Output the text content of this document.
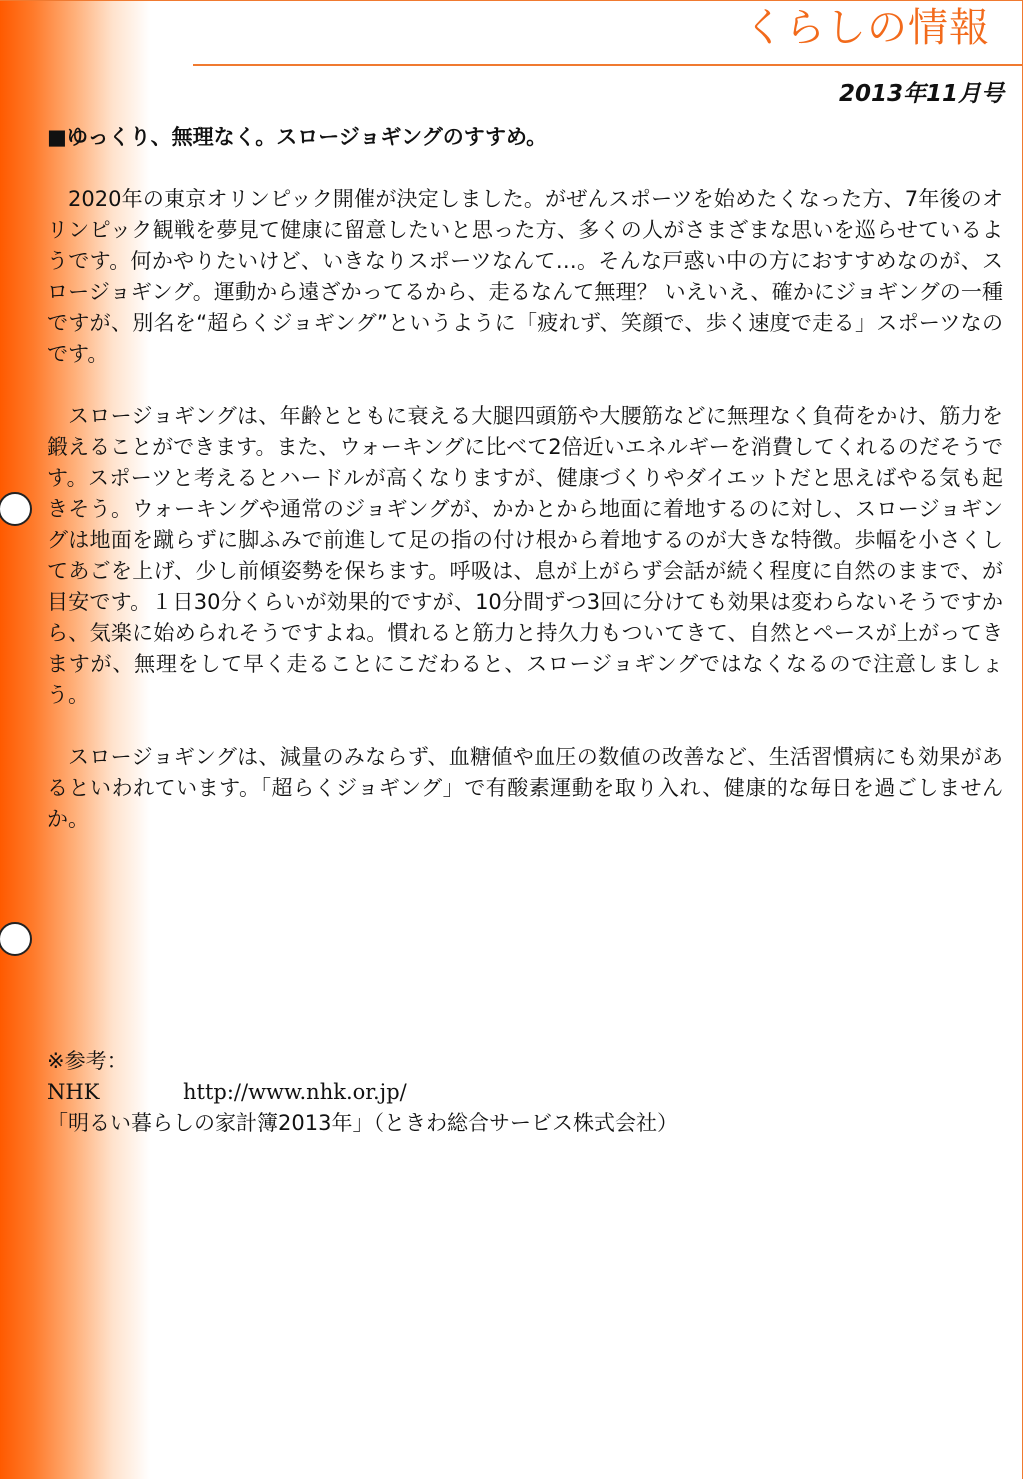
くらしの情報
2013年11月号
■ゆっくり、無理なく。スロージョギングのすすめ。

2020年の東京オリンピック開催が決定しました。がぜんスポーツを始めたくなった方、7年後のオリンピック観戦を夢見て健康に留意したいと思った方、多くの人がさまざまな思いを巡らせているようです。何かやりたいけど、いきなりスポーツなんて…。そんな戸惑い中の方におすすめなのが、スロージョギング。運動から遠ざかってるから、走るなんて無理？ いえいえ、確かにジョギングの一種ですが、別名を“超らくジョギング”というように「疲れず、笑顔で、歩く速度で走る」スポーツなのです。

スロージョギングは、年齢とともに衰える大腿四頭筋や大腰筋などに無理なく負荷をかけ、筋力を鍛えることができます。また、ウォーキングに比べて2倍近いエネルギーを消費してくれるのだそうです。スポーツと考えるとハードルが高くなりますが、健康づくりやダイエットだと思えばやる気も起きそう。ウォーキングや通常のジョギングが、かかとから地面に着地するのに対し、スロージョギングは地面を蹴らずに脚ふみで前進して足の指の付け根から着地するのが大きな特徴。歩幅を小さくしてあごを上げ、少し前傾姿勢を保ちます。呼吸は、息が上がらず会話が続く程度に自然のままで、が目安です。１日30分くらいが効果的ですが、10分間ずつ3回に分けても効果は変わらないそうですから、気楽に始められそうですよね。慣れると筋力と持久力もついてきて、自然とペースが上がってきますが、無理をして早く走ることにこだわると、スロージョギングではなくなるので注意しましょう。

スロージョギングは、減量のみならず、血糖値や血圧の数値の改善など、生活習慣病にも効果があるといわれています。「超らくジョギング」で有酸素運動を取り入れ、健康的な毎日を過ごしませんか。

※参考：
NHK	http://www.nhk.or.jp/
「明るい暮らしの家計簿2013年」（ときわ総合サービス株式会社）
